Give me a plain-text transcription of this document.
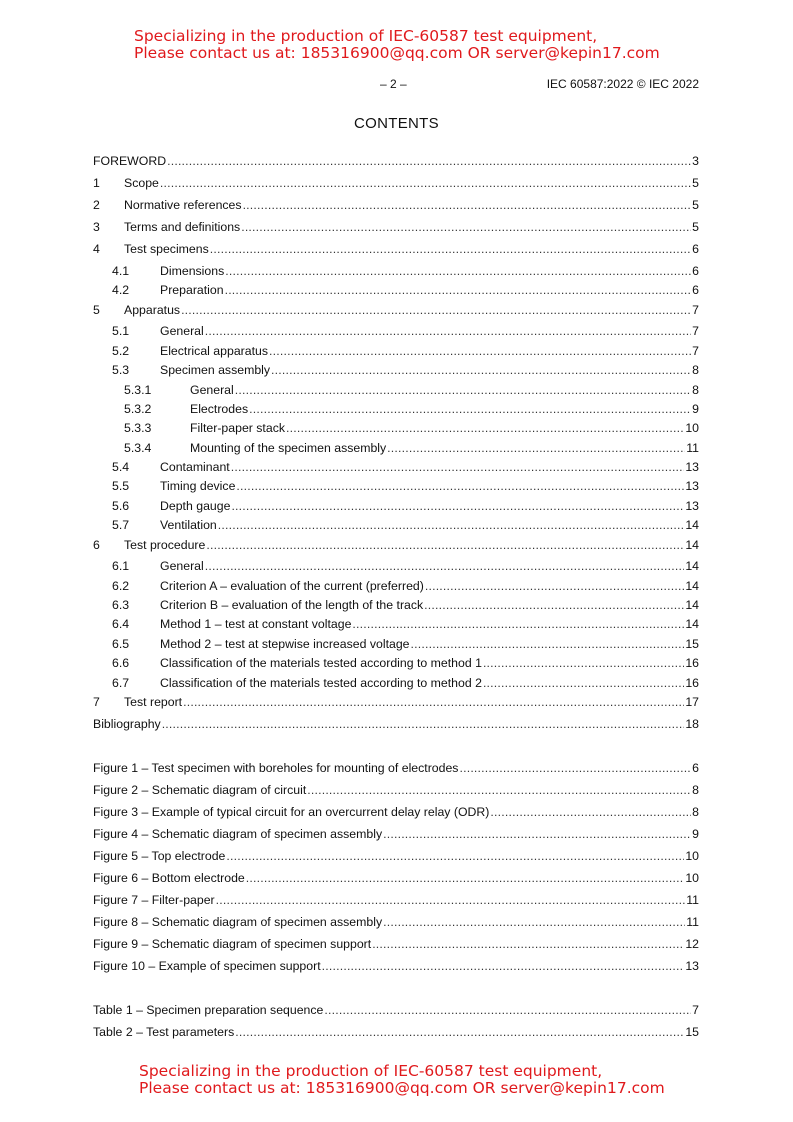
Specializing in the production of IEC-60587 test equipment,
Please contact us at: 185316900@qq.com OR server@kepin17.com
– 2 –	IEC 60587:2022 © IEC 2022
CONTENTS
FOREWORD .....	3
1 Scope .....	5
2 Normative references .....	5
3 Terms and definitions .....	5
4 Test specimens .....	6
4.1	Dimensions .....	6
4.2	Preparation .....	6
5 Apparatus .....	7
5.1	General .....	7
5.2	Electrical apparatus .....	7
5.3	Specimen assembly .....	8
5.3.1	General .....	8
5.3.2	Electrodes .....	9
5.3.3	Filter-paper stack .....	10
5.3.4	Mounting of the specimen assembly .....	11
5.4	Contaminant .....	13
5.5	Timing device .....	13
5.6	Depth gauge .....	13
5.7	Ventilation .....	14
6 Test procedure .....	14
6.1	General .....	14
6.2	Criterion A – evaluation of the current (preferred) .....	14
6.3	Criterion B – evaluation of the length of the track .....	14
6.4	Method 1 – test at constant voltage .....	14
6.5	Method 2 – test at stepwise increased voltage .....	15
6.6	Classification of the materials tested according to method 1 .....	16
6.7	Classification of the materials tested according to method 2 .....	16
7 Test report .....	17
Bibliography .....	18
Figure 1 – Test specimen with boreholes for mounting of electrodes .....	6
Figure 2 – Schematic diagram of circuit .....	8
Figure 3 – Example of typical circuit for an overcurrent delay relay (ODR) .....	8
Figure 4 – Schematic diagram of specimen assembly .....	9
Figure 5 – Top electrode .....	10
Figure 6 – Bottom electrode .....	10
Figure 7 – Filter-paper .....	11
Figure 8 – Schematic diagram of specimen assembly .....	11
Figure 9 – Schematic diagram of specimen support .....	12
Figure 10 – Example of specimen support .....	13
Table 1 – Specimen preparation sequence .....	7
Table 2 – Test parameters .....	15
Specializing in the production of IEC-60587 test equipment,
Please contact us at: 185316900@qq.com OR server@kepin17.com
